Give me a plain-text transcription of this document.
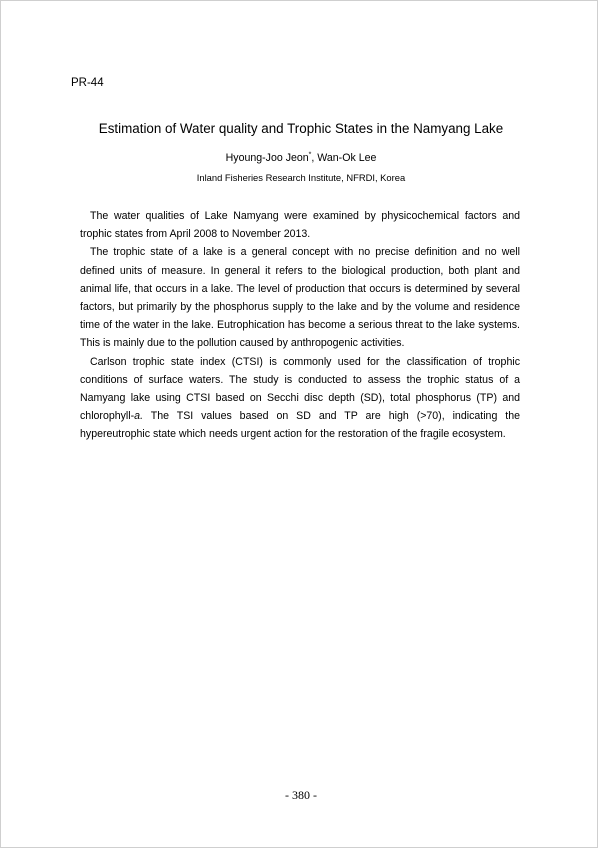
PR-44
Estimation of Water quality and Trophic States in the Namyang Lake
Hyoung-Joo Jeon*, Wan-Ok Lee
Inland Fisheries Research Institute, NFRDI, Korea

The water qualities of Lake Namyang were examined by physicochemical factors and trophic states from April 2008 to November 2013.

The trophic state of a lake is a general concept with no precise definition and no well defined units of measure. In general it refers to the biological production, both plant and animal life, that occurs in a lake. The level of production that occurs is determined by several factors, but primarily by the phosphorus supply to the lake and by the volume and residence time of the water in the lake. Eutrophication has become a serious threat to the lake systems. This is mainly due to the pollution caused by anthropogenic activities.

Carlson trophic state index (CTSI) is commonly used for the classification of trophic conditions of surface waters. The study is conducted to assess the trophic status of a Namyang lake using CTSI based on Secchi disc depth (SD), total phosphorus (TP) and chlorophyll-a. The TSI values based on SD and TP are high (>70), indicating the hypereutrophic state which needs urgent action for the restoration of the fragile ecosystem.

- 380 -
